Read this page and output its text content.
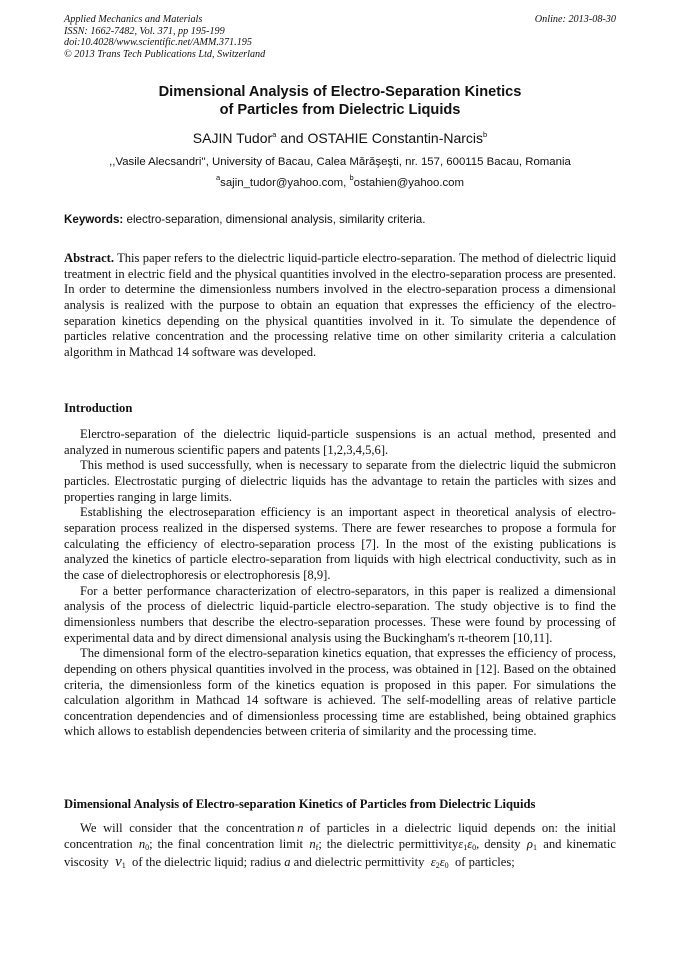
Applied Mechanics and Materials
ISSN: 1662-7482, Vol. 371, pp 195-199
doi:10.4028/www.scientific.net/AMM.371.195
© 2013 Trans Tech Publications Ltd, Switzerland
Online: 2013-08-30
Dimensional Analysis of Electro-Separation Kinetics
of Particles from Dielectric Liquids
SAJIN Tudor$^a$ and OSTAHIE Constantin-Narcis$^b$
,,Vasile Alecsandri'', University of Bacau, Calea Mărăşeşti, nr. 157, 600115 Bacau, Romania
$^a$sajin_tudor@yahoo.com, $^b$ostahien@yahoo.com
Keywords: electro-separation, dimensional analysis, similarity criteria.
Abstract. This paper refers to the dielectric liquid-particle electro-separation. The method of dielectric liquid treatment in electric field and the physical quantities involved in the electro-separation process are presented. In order to determine the dimensionless numbers involved in the electro-separation process a dimensional analysis is realized with the purpose to obtain an equation that expresses the efficiency of the electro-separation kinetics depending on the physical quantities involved in it. To simulate the dependence of particles relative concentration and the processing relative time on other similarity criteria a calculation algorithm in Mathcad 14 software was developed.
Introduction

Elerctro-separation of the dielectric liquid-particle suspensions is an actual method, presented and analyzed in numerous scientific papers and patents [1,2,3,4,5,6].

This method is used successfully, when is necessary to separate from the dielectric liquid the submicron particles. Electrostatic purging of dielectric liquids has the advantage to retain the particles with sizes and properties ranging in large limits.

Establishing the electroseparation efficiency is an important aspect in theoretical analysis of electro-separation process realized in the dispersed systems. There are fewer researches to propose a formula for calculating the efficiency of electro-separation process [7]. In the most of the existing publications is analyzed the kinetics of particle electro-separation from liquids with high electrical conductivity, such as in the case of dielectrophoresis or electrophoresis [8,9].

For a better performance characterization of electro-separators, in this paper is realized a dimensional analysis of the process of dielectric liquid-particle electro-separation. The study objective is to find the dimensionless numbers that describe the electro-separation processes. These were found by processing of experimental data and by direct dimensional analysis using the Buckingham's π-theorem [10,11].

The dimensional form of the electro-separation kinetics equation, that expresses the efficiency of process, depending on others physical quantities involved in the process, was obtained in [12]. Based on the obtained criteria, the dimensionless form of the kinetics equation is proposed in this paper. For simulations the calculation algorithm in Mathcad 14 software is achieved. The self-modelling areas of relative particle concentration dependencies and of dimensionless processing time are established, being obtained graphics which allows to establish dependencies between criteria of similarity and the processing time.

Dimensional Analysis of Electro-separation Kinetics of Particles from Dielectric Liquids

We will consider that the concentration  n  of particles in a dielectric liquid depends on: the initial concentration  n0; the final concentration limit  nf; the dielectric permittivityε1ε0, density  ρ1  and kinematic viscosity  ν1  of the dielectric liquid; radius a and dielectric permittivity  ε2ε0  of particles;
